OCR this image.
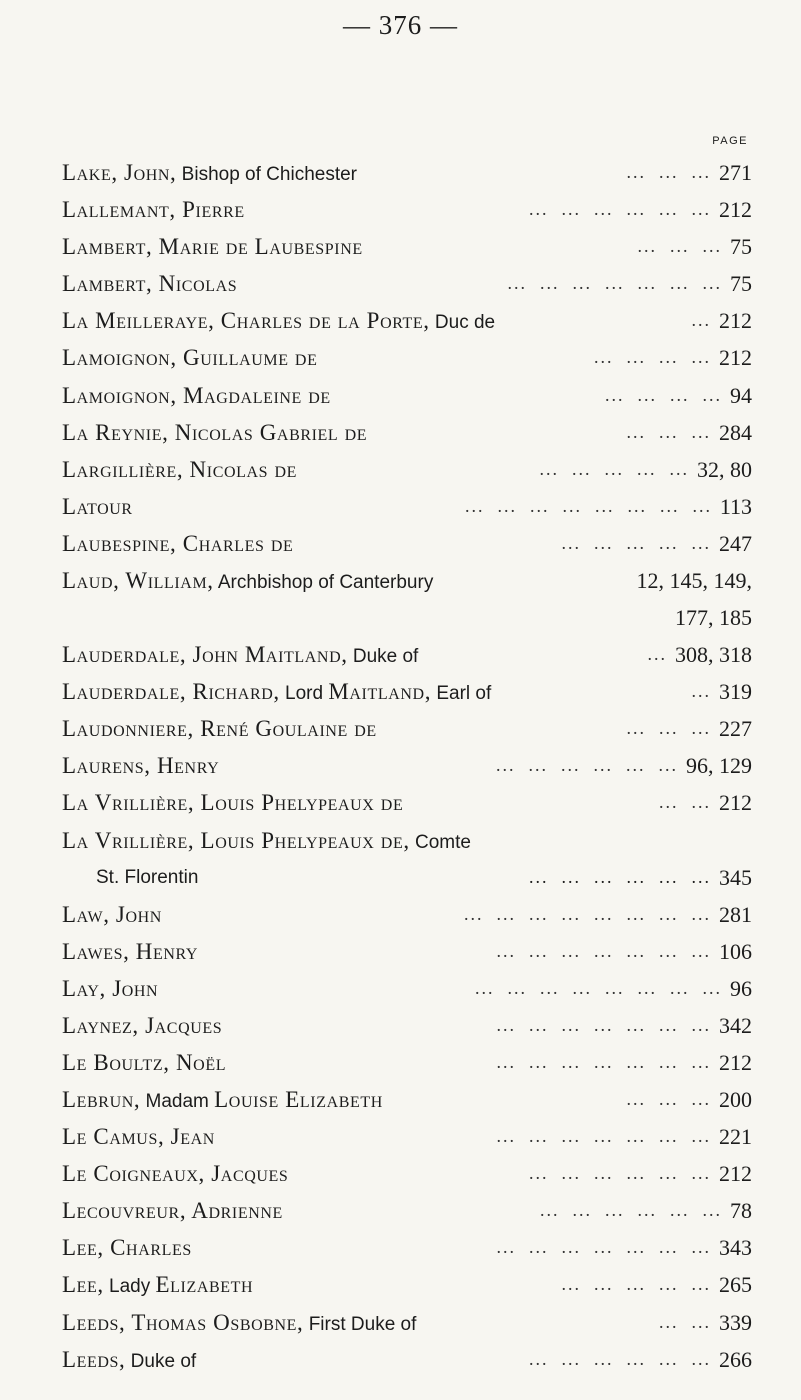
— 376 —
PAGE
Lake, John, Bishop of Chichester	...  ...  ... 271
Lallemant, Pierre	...  ...  ...  ...  ...  ... 212
Lambert, Marie de Laubespine	...  ...  ... 75
Lambert, Nicolas	...  ...  ...  ...  ...  ...  ... 75
La Meilleraye, Charles de la Porte, Duc de	... 212
Lamoignon, Guillaume de	...  ...  ...  ... 212
Lamoignon, Magdaleine de	...  ...  ...  ... 94
La Reynie, Nicolas Gabriel de	...  ...  ... 284
Largillière, Nicolas de	...  ...  ...  ...  ... 32, 80
Latour	...  ...  ...  ...  ...  ...  ...  ... 113
Laubespine, Charles de	...  ...  ...  ...  ... 247
Laud, William, Archbishop of Canterbury	12, 145, 149,
177, 185
Lauderdale, John Maitland, Duke of	... 308, 318
Lauderdale, Richard, Lord Maitland, Earl of	... 319
Laudonniere, René Goulaine de	...  ...  ... 227
Laurens, Henry	...  ...  ...  ...  ...  ... 96, 129
La Vrillière, Louis Phelypeaux de	...  ... 212
La Vrillière, Louis Phelypeaux de, Comte
St. Florentin	...  ...  ...  ...  ...  ... 345
Law, John	...  ...  ...  ...  ...  ...  ...  ... 281
Lawes, Henry	...  ...  ...  ...  ...  ...  ... 106
Lay, John	...  ...  ...  ...  ...  ...  ...  ... 96
Laynez, Jacques	...  ...  ...  ...  ...  ...  ... 342
Le Boultz, Noël	...  ...  ...  ...  ...  ...  ... 212
Lebrun, Madam Louise Elizabeth	...  ...  ... 200
Le Camus, Jean	...  ...  ...  ...  ...  ...  ... 221
Le Coigneaux, Jacques	...  ...  ...  ...  ...  ... 212
Lecouvreur, Adrienne	...  ...  ...  ...  ...  ... 78
Lee, Charles	...  ...  ...  ...  ...  ...  ... 343
Lee, Lady Elizabeth	...  ...  ...  ...  ... 265
Leeds, Thomas Osbobne, First Duke of	...  ... 339
Leeds, Duke of	...  ...  ...  ...  ...  ... 266
